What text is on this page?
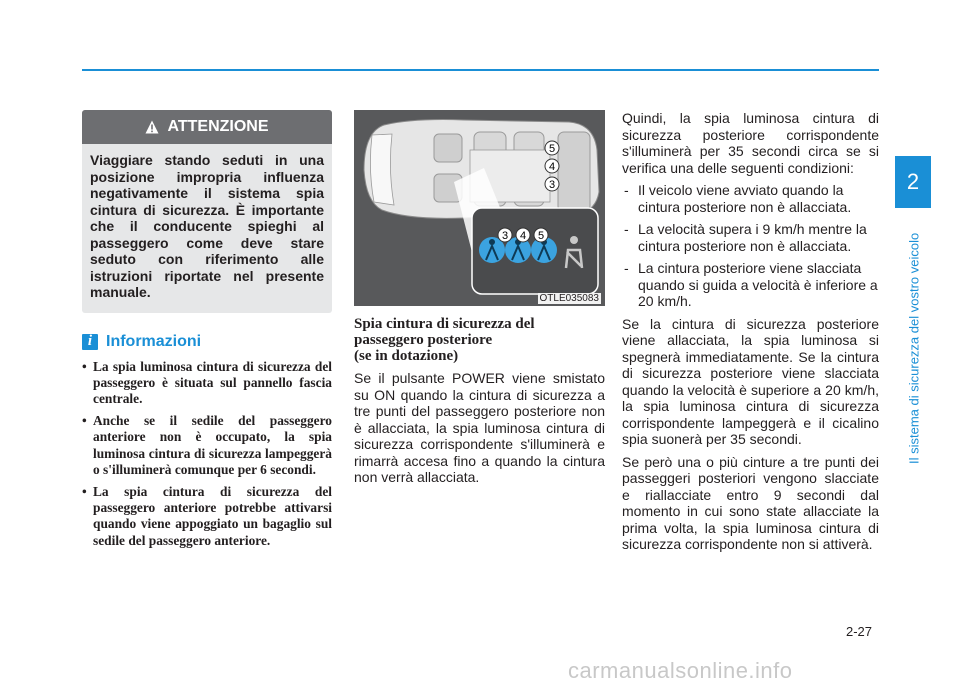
2
Il sistema di sicurezza del vostro veicolo
ATTENZIONE
Viaggiare stando seduti in una posizione impropria influenza negativamente il sistema spia cintura di sicurezza. È importante che il conducente spieghi al passeggero come deve stare seduto con riferimento alle istruzioni riportate nel presente manuale.
i Informazioni
• La spia luminosa cintura di sicurezza del passeggero è situata sul pannello fascia centrale.
• Anche se il sedile del passeggero anteriore non è occupato, la spia luminosa cintura di sicurezza lampeggerà o s'illuminerà comunque per 6 secondi.
• La spia cintura di sicurezza del passeggero anteriore potrebbe attivarsi quando viene appoggiato un bagaglio sul sedile del passeggero anteriore.
5
4
3
3 4 5
OTLE035083
Spia cintura di sicurezza del
passeggero posteriore
(se in dotazione)

Se il pulsante POWER viene smistato su ON quando la cintura di sicurezza a tre punti del passeggero posteriore non è allacciata, la spia luminosa cintura di sicurezza corrispondente s'illuminerà e rimarrà accesa fino a quando la cintura non verrà allacciata.

Quindi, la spia luminosa cintura di sicurezza posteriore corrispondente s'illuminerà per 35 secondi circa se si verifica una delle seguenti condizioni:

- Il veicolo viene avviato quando la cintura posteriore non è allacciata.
- La velocità supera i 9 km/h mentre la cintura posteriore non è allacciata.
- La cintura posteriore viene slacciata quando si guida a velocità è inferiore a 20 km/h.

Se la cintura di sicurezza posteriore viene allacciata, la spia luminosa si spegnerà immediatamente. Se la cintura di sicurezza posteriore viene slacciata quando la velocità è superiore a 20 km/h, la spia luminosa cintura di sicurezza corrispondente lampeggerà e il cicalino spia suonerà per 35 secondi.

Se però una o più cinture a tre punti dei passeggeri posteriori vengono slacciate e riallacciate entro 9 secondi dal momento in cui sono state allacciate la prima volta, la spia luminosa cintura di sicurezza corrispondente non si attiverà.

2-27
carmanualsonline.info
